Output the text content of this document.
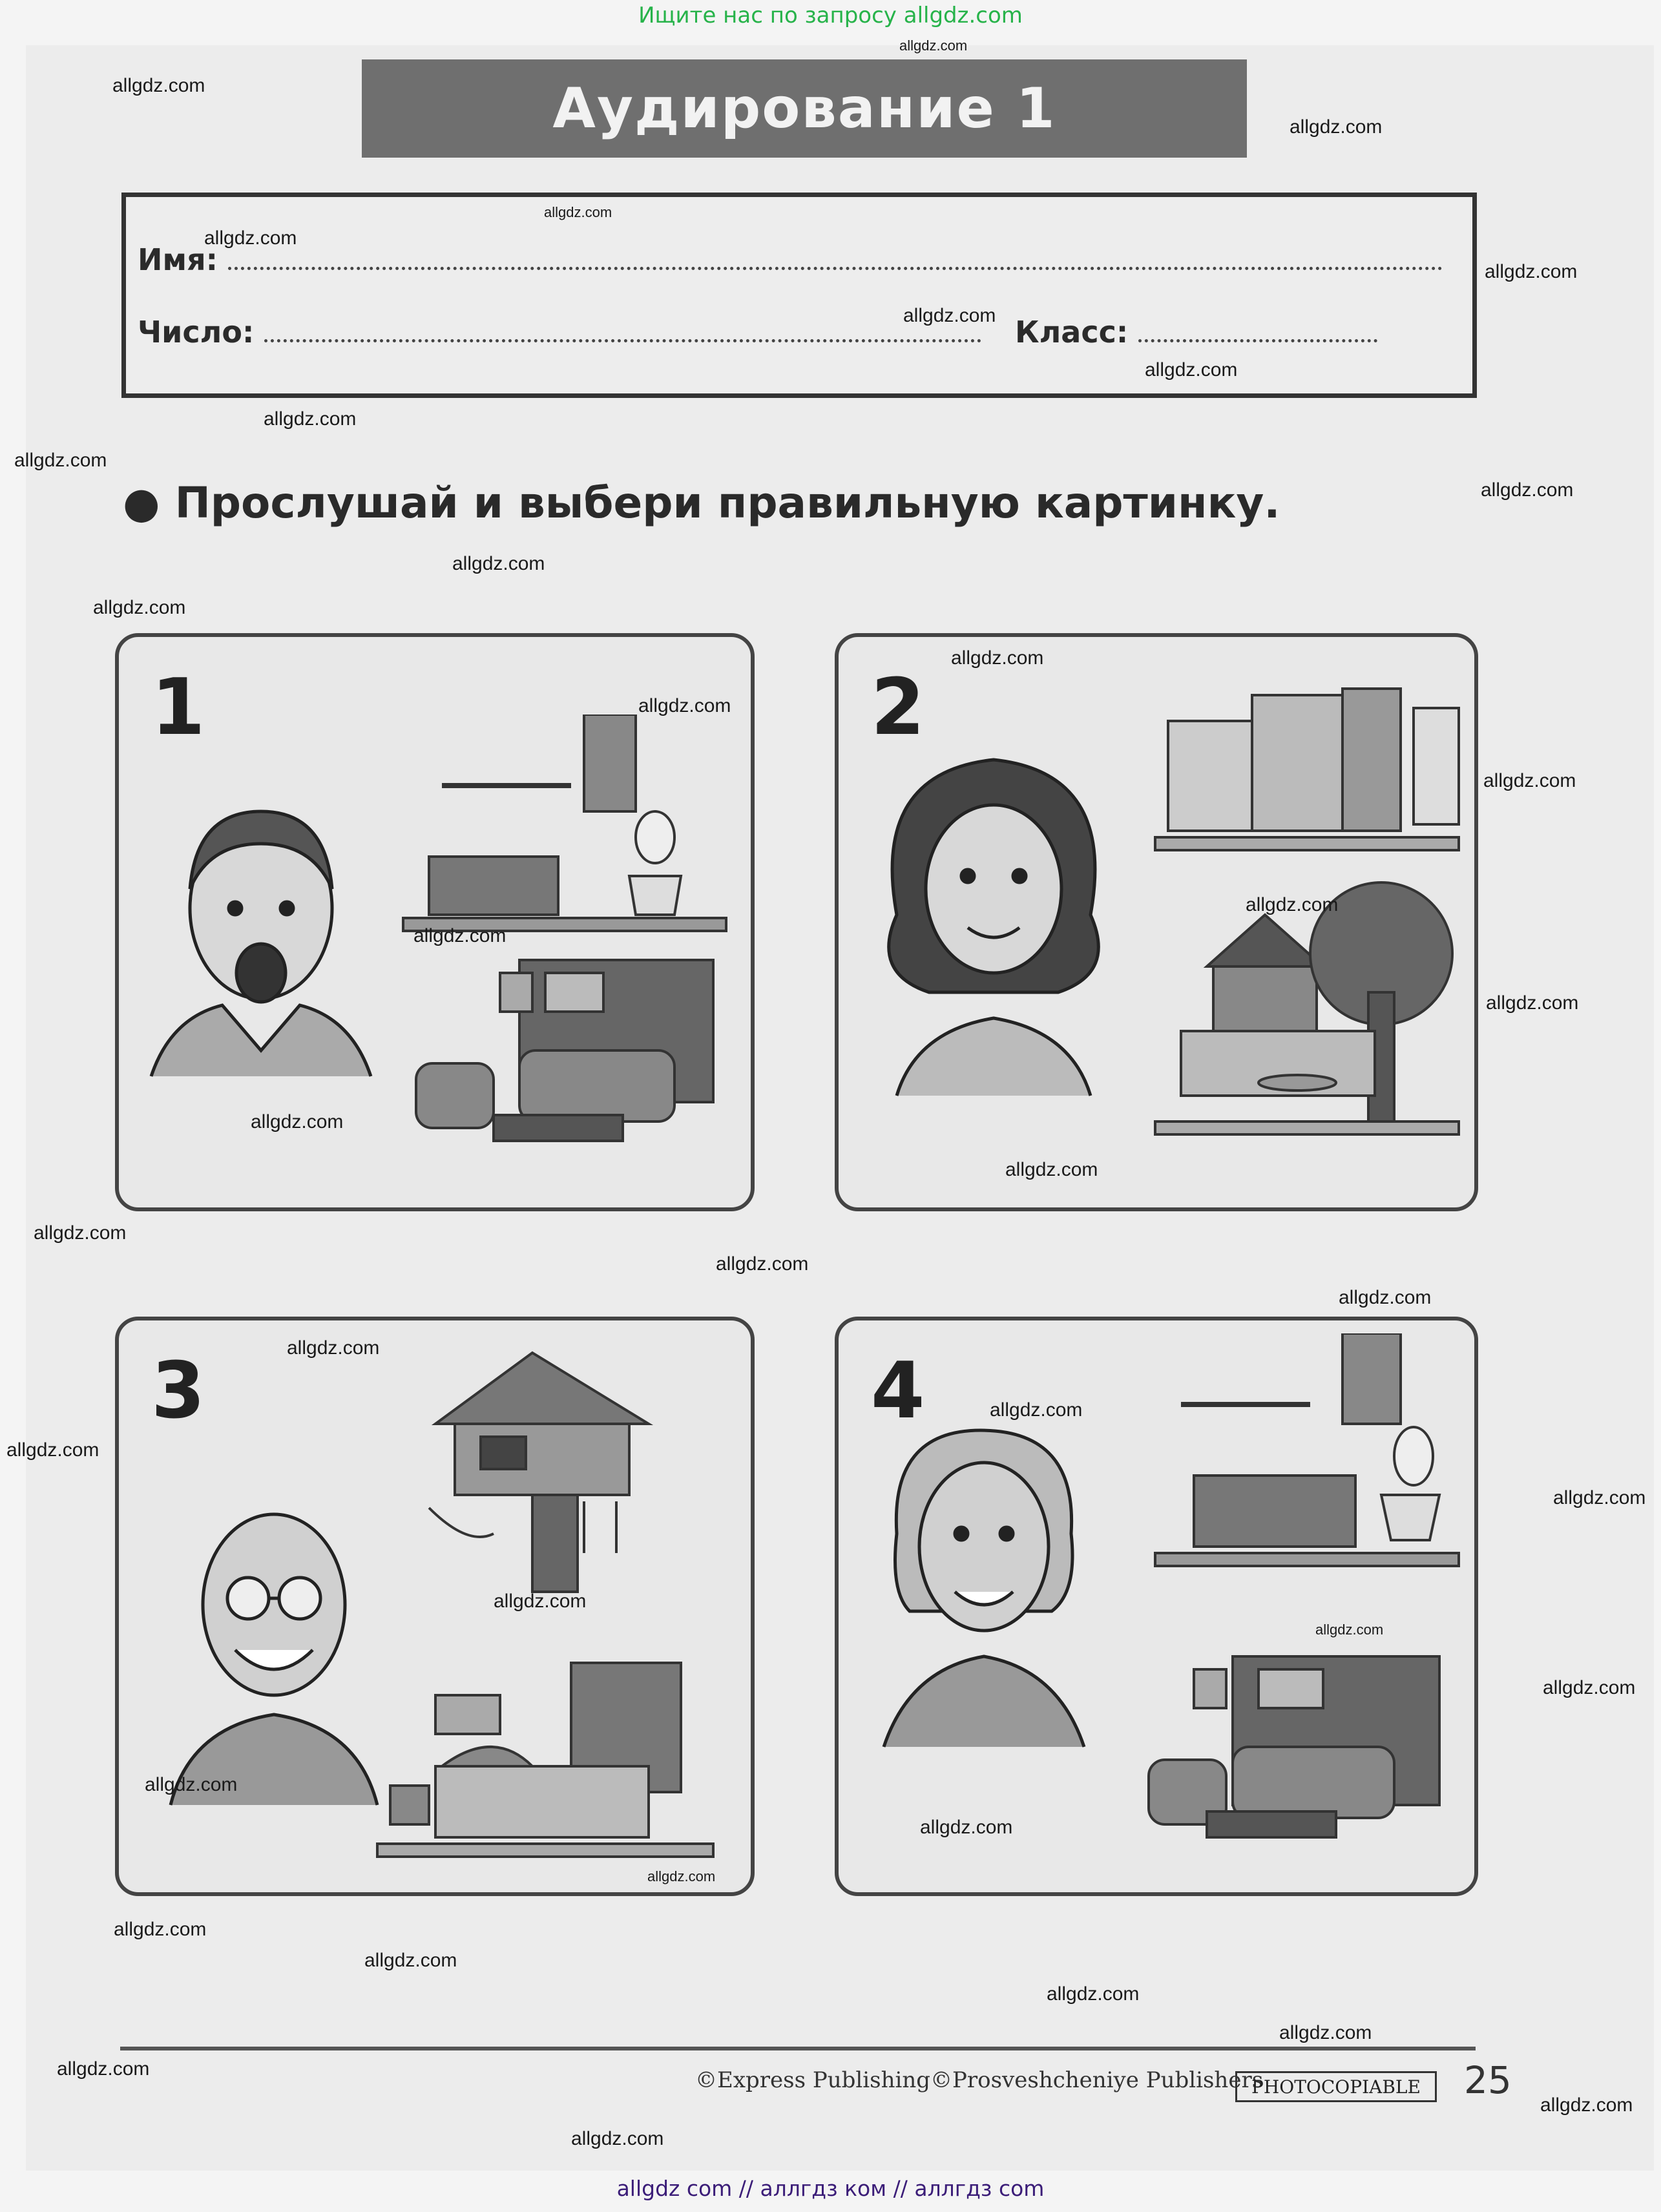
Ищите нас по запросу allgdz.com
Аудирование 1
Имя:
Число:	Класс:
● Прослушай и выбери правильную картинку.
1	2
3	4
©Express Publishing ©Prosveshcheniye Publishers
PHOTOCOPIABLE	25
allgdz com // аллгдз ком // аллгдз com
allgdz.com
allgdz.com
allgdz.com
allgdz.com
allgdz.com
allgdz.com
allgdz.com
allgdz.com
allgdz.com
allgdz.com
allgdz.com
allgdz.com
allgdz.com
allgdz.com
allgdz.com
allgdz.com
allgdz.com
allgdz.com
allgdz.com
allgdz.com
allgdz.com
allgdz.com
allgdz.com
allgdz.com
allgdz.com
allgdz.com
allgdz.com
allgdz.com
allgdz.com
allgdz.com
allgdz.com
allgdz.com
allgdz.com
allgdz.com
allgdz.com
allgdz.com
allgdz.com
allgdz.com
allgdz.com
allgdz.com
allgdz.com
